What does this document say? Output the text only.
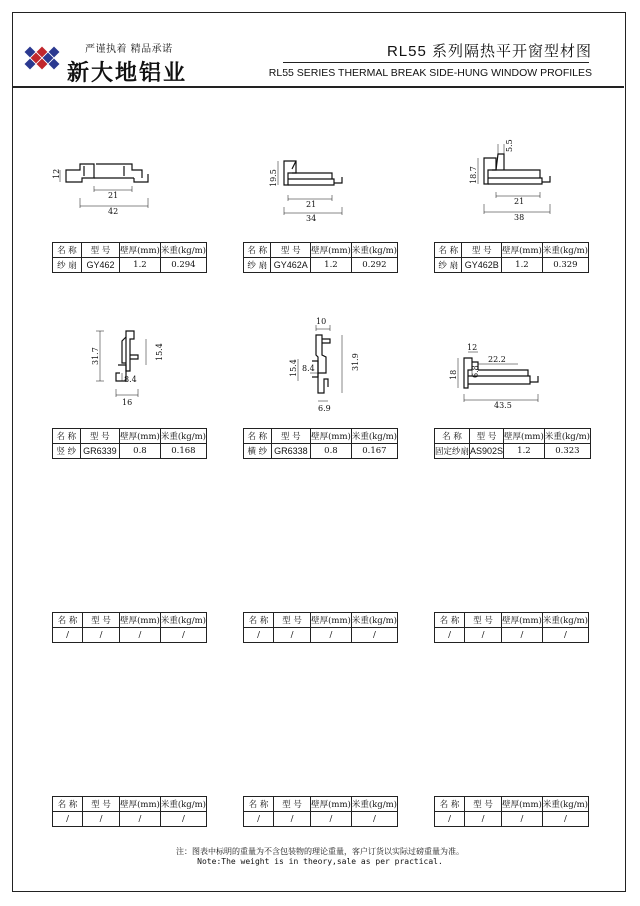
严谨执着 精品承诺
新大地铝业
RL55 系列隔热平开窗型材图
RL55 SERIES THERMAL BREAK SIDE-HUNG WINDOW PROFILES
12
21
42
19.5
21
34
5.5
18.7
21
38
31.7	15.4
8.4
16
10
15.4 8.4	31.9
6.9
12
22.2
18 6.8
43.5
名 称	型 号	壁厚(mm)	米重(kg/m)
纱 扇	GY462	1.2	0.294
名 称	型 号	壁厚(mm)	米重(kg/m)
纱 扇	GY462A	1.2	0.292
名 称	型 号	壁厚(mm)	米重(kg/m)
纱 扇	GY462B	1.2	0.329
名 称	型 号	壁厚(mm)	米重(kg/m)
竖 纱	GR6339	0.8	0.168
名 称	型 号	壁厚(mm)	米重(kg/m)
横 纱	GR6338	0.8	0.167
名 称	型 号	壁厚(mm)	米重(kg/m)
固定纱扇	AS902S	1.2	0.323
名 称	型 号	壁厚(mm)	米重(kg/m)
/	/	/	/
名 称	型 号	壁厚(mm)	米重(kg/m)
/	/	/	/
名 称	型 号	壁厚(mm)	米重(kg/m)
/	/	/	/
名 称	型 号	壁厚(mm)	米重(kg/m)
/	/	/	/
名 称	型 号	壁厚(mm)	米重(kg/m)
/	/	/	/
名 称	型 号	壁厚(mm)	米重(kg/m)
/	/	/	/
注：图表中标明的重量为不含包装物的理论重量，客户订货以实际过磅重量为准。
Note:The weight is in theory,sale as per practical.
